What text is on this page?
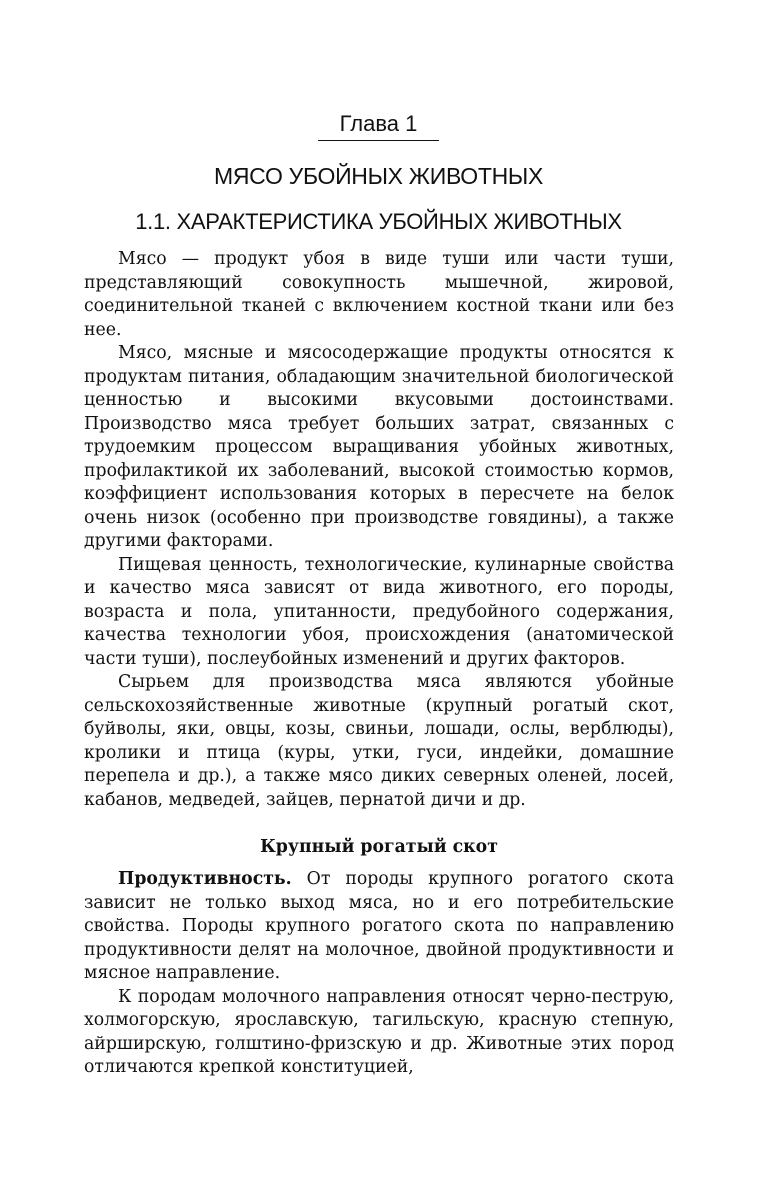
Глава 1
МЯСО УБОЙНЫХ ЖИВОТНЫХ
1.1. ХАРАКТЕРИСТИКА УБОЙНЫХ ЖИВОТНЫХ

Мясо — продукт убоя в виде туши или части туши, представляющий совокупность мышечной, жировой, соединительной тканей с включением костной ткани или без нее.

Мясо, мясные и мясосодержащие продукты относятся к продуктам питания, обладающим значительной биологической ценностью и высокими вкусовыми достоинствами. Производство мяса требует больших затрат, связанных с трудоемким процессом выращивания убойных животных, профилактикой их заболеваний, высокой стоимостью кормов, коэффициент использования которых в пересчете на белок очень низок (особенно при производстве говядины), а также другими факторами.

Пищевая ценность, технологические, кулинарные свойства и качество мяса зависят от вида животного, его породы, возраста и пола, упитанности, предубойного содержания, качества технологии убоя, происхождения (анатомической части туши), послеубойных изменений и других факторов.

Сырьем для производства мяса являются убойные сельскохозяйственные животные (крупный рогатый скот, буйволы, яки, овцы, козы, свиньи, лошади, ослы, верблюды), кролики и птица (куры, утки, гуси, индейки, домашние перепела и др.), а также мясо диких северных оленей, лосей, кабанов, медведей, зайцев, пернатой дичи и др.

Крупный рогатый скот

Продуктивность. От породы крупного рогатого скота зависит не только выход мяса, но и его потребительские свойства. Породы крупного рогатого скота по направлению продуктивности делят на молочное, двойной продуктивности и мясное направление.

К породам молочного направления относят черно-пеструю, холмогорскую, ярославскую, тагильскую, красную степную, айрширскую, голштино-фризскую и др. Животные этих пород отличаются крепкой конституцией,
